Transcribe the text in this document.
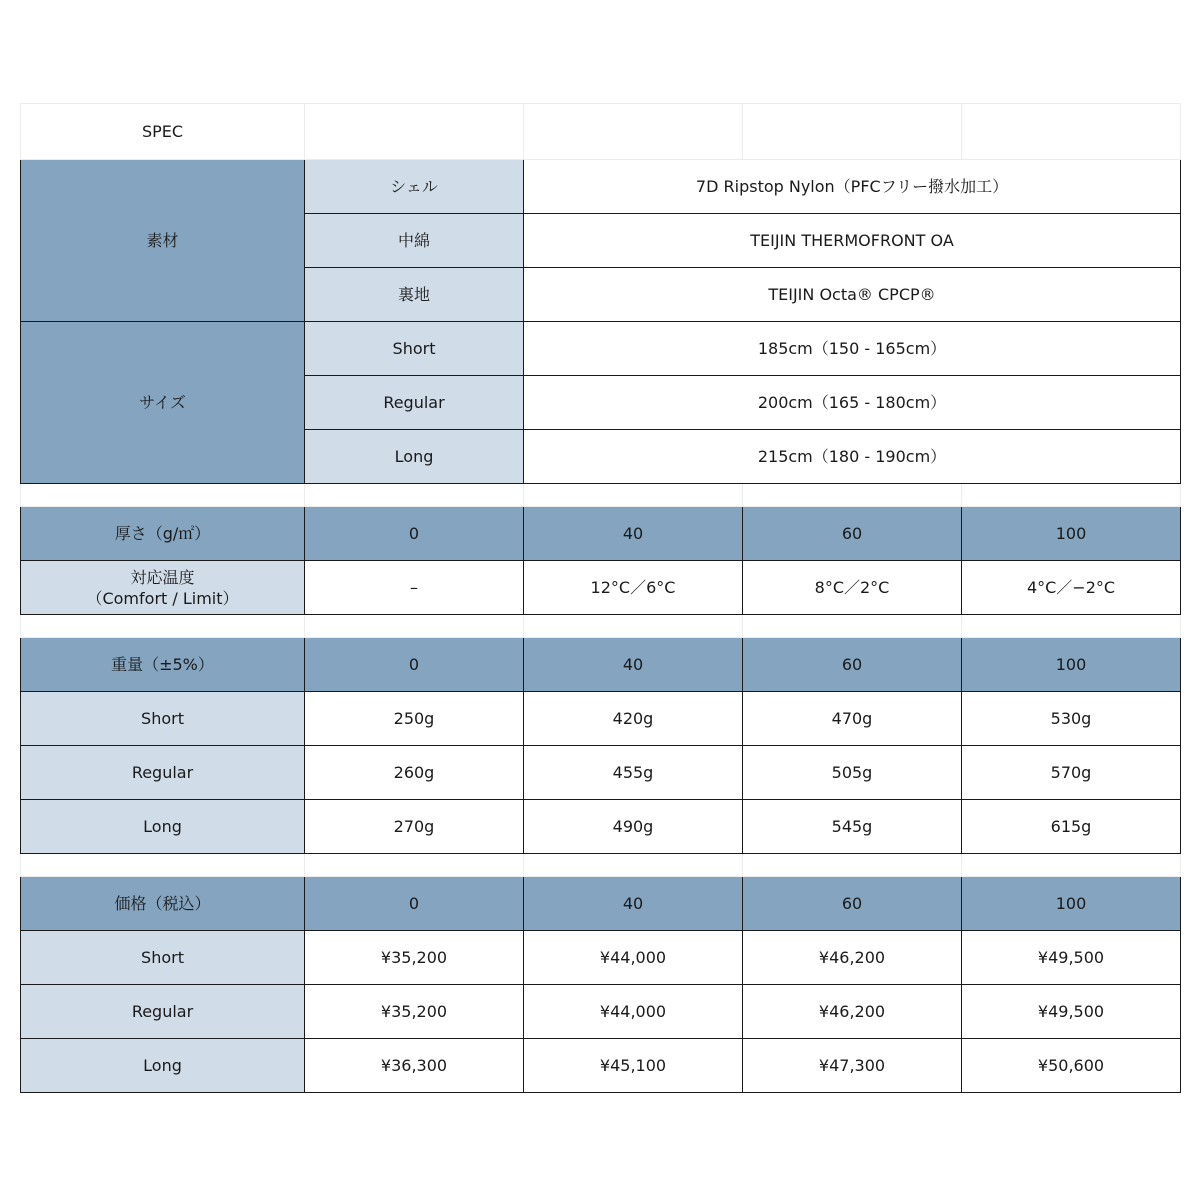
SPEC				
素材	シェル	7D Ripstop Nylon（PFCフリー撥水加工）		
	中綿	TEIJIN THERMOFRONT OA		
	裏地	TEIJIN Octa® CPCP®		
サイズ	Short	185cm（150 - 165cm）		
	Regular	200cm（165 - 180cm）		
	Long	215cm（180 - 190cm）		

厚さ（g/㎡）	0	40	60	100
対応温度
（Comfort / Limit）	–	12°C／6°C	8°C／2°C	4°C／−2°C

重量（±5%）	0	40	60	100
Short	250g	420g	470g	530g
Regular	260g	455g	505g	570g
Long	270g	490g	545g	615g

価格（税込）	0	40	60	100
Short	¥35,200	¥44,000	¥46,200	¥49,500
Regular	¥35,200	¥44,000	¥46,200	¥49,500
Long	¥36,300	¥45,100	¥47,300	¥50,600
